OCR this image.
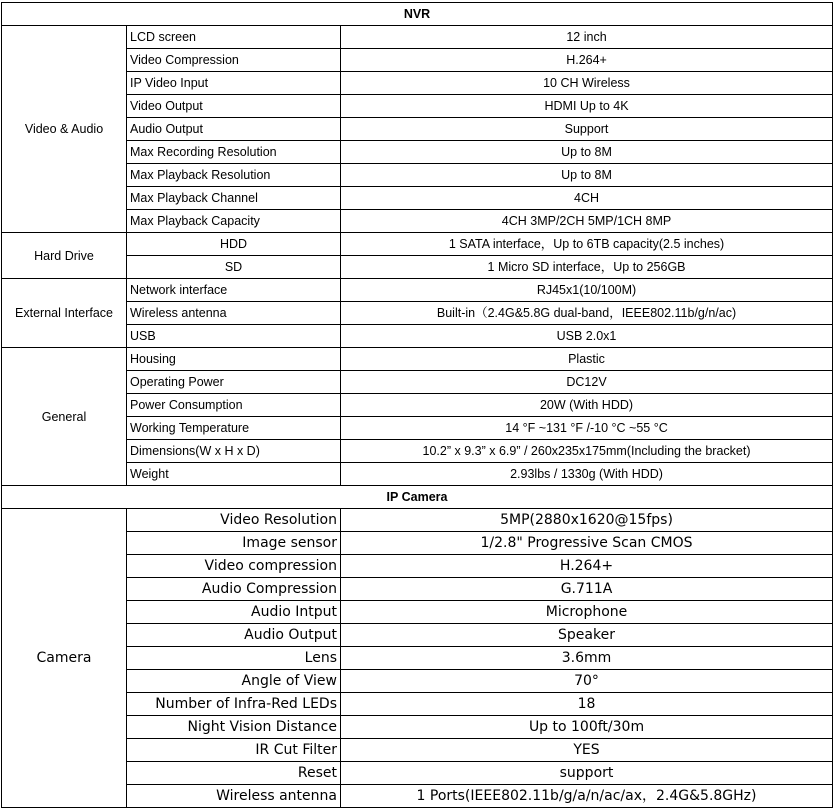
NVR		
Video & Audio	LCD screen	12 inch
	Video Compression	H.264+
	IP Video Input	10 CH Wireless
	Video Output	HDMI Up to 4K
	Audio Output	Support
	Max Recording Resolution	Up to 8M
	Max Playback Resolution	Up to 8M
	Max Playback Channel	4CH
	Max Playback Capacity	4CH 3MP/2CH 5MP/1CH 8MP
Hard Drive	HDD	1 SATA interface，Up to 6TB capacity(2.5 inches)
	SD	1 Micro SD interface，Up to 256GB
External Interface	Network interface	RJ45x1(10/100M)
	Wireless antenna	Built-in（2.4G&5.8G dual-band，IEEE802.11b/g/n/ac)
	USB	USB 2.0x1
General	Housing	Plastic
	Operating Power	DC12V
	Power Consumption	20W (With HDD)
	Working Temperature	14 °F ~131 °F /-10 °C ~55 °C
	Dimensions(W x H x D)	10.2” x 9.3” x 6.9” / 260x235x175mm(Including the bracket)
	Weight	2.93lbs / 1330g (With HDD)
IP Camera		
Camera	Video Resolution	5MP(2880x1620@15fps)
	Image sensor	1/2.8" Progressive Scan CMOS
	Video compression	H.264+
	Audio Compression	G.711A
	Audio Intput	Microphone
	Audio Output	Speaker
	Lens	3.6mm
	Angle of View	70°
	Number of Infra-Red LEDs	18
	Night Vision Distance	Up to 100ft/30m
	IR Cut Filter	YES
	Reset	support
	Wireless antenna	1 Ports(IEEE802.11b/g/a/n/ac/ax，2.4G&5.8GHz)
